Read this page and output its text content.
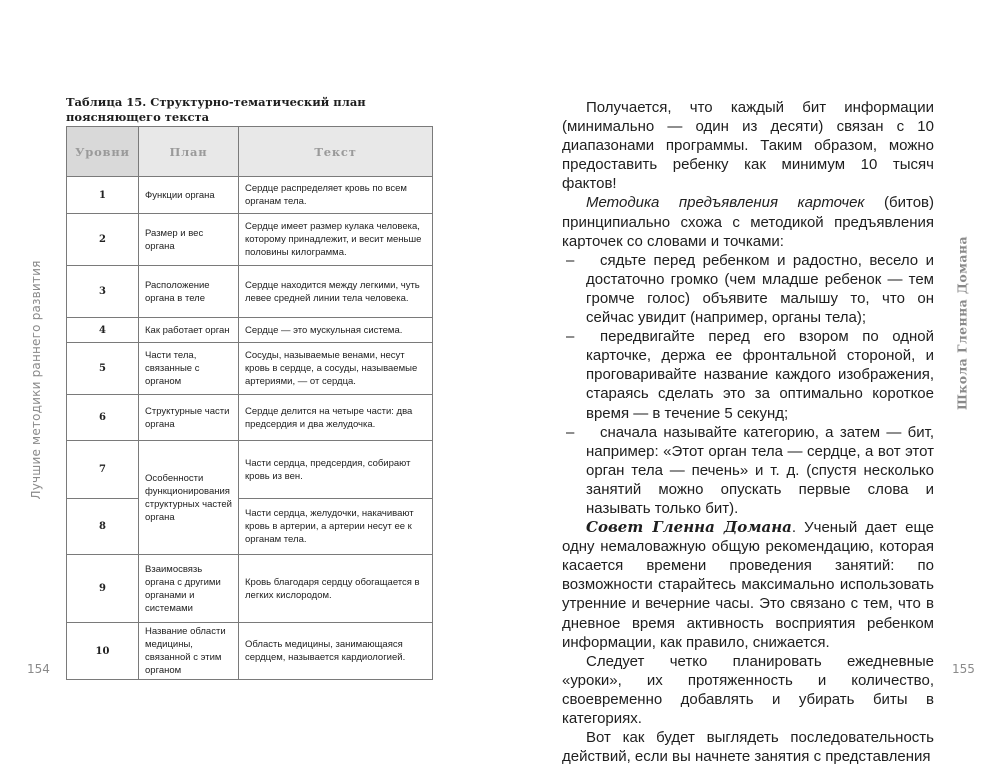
Лучшие методики раннего развития
154
Таблица 15. Структурно-тематический план поясняющего текста
Уровни	План	Текст
1	Функции органа	Сердце распределяет кровь по всем органам тела.
2	Размер и вес органа	Сердце имеет размер кулака человека, которому принадлежит, и весит меньше половины килограмма.
3	Расположение органа в теле	Сердце находится между легкими, чуть левее средней линии тела человека.
4	Как работает орган	Сердце — это мускульная система.
5	Части тела, связанные с органом	Сосуды, называемые венами, несут кровь в сердце, а сосуды, называемые артериями, — от сердца.
6	Структурные части органа	Сердце делится на четыре части: два предсердия и два желудочка.
7	Особенности функционирования структурных частей органа	Части сердца, предсердия, собирают кровь из вен.
8		Части сердца, желудочки, накачивают кровь в артерии, а артерии несут ее к органам тела.
9	Взаимосвязь органа с другими органами и системами	Кровь благодаря сердцу обогащается в легких кислородом.
10	Название области медицины, связанной с этим органом	Область медицины, занимающаяся сердцем, называется кардиологией.
Школа Гленна Домана
155

Получается, что каждый бит информации (минимально — один из десяти) связан с 10 диапазонами программы. Таким образом, можно предоставить ребенку как минимум 10 тысяч фактов!

Методика предъявления карточек (битов) принципиально схожа с методикой предъявления карточек со словами и точками:

–	сядьте перед ребенком и радостно, весело и достаточно громко (чем младше ребенок — тем громче голос) объявите малышу то, что он сейчас увидит (например, органы тела);
–	передвигайте перед его взором по одной карточке, держа ее фронтальной стороной, и проговаривайте название каждого изображения, стараясь сделать это за оптимально короткое время — в течение 5 секунд;
–	сначала называйте категорию, а затем — бит, например: «Этот орган тела — сердце, а вот этот орган тела — печень» и т. д. (спустя несколько занятий можно опускать первые слова и называть только бит).

Совет Гленна Домана. Ученый дает еще одну немаловажную общую рекомендацию, которая касается времени проведения занятий: по возможности старайтесь максимально использовать утренние и вечерние часы. Это связано с тем, что в дневное время активность восприятия ребенком информации, как правило, снижается.

Следует четко планировать ежедневные «уроки», их протяженность и количество, своевременно добавлять и убирать биты в категориях.

Вот как будет выглядеть последовательность действий, если вы начнете занятия с представления
